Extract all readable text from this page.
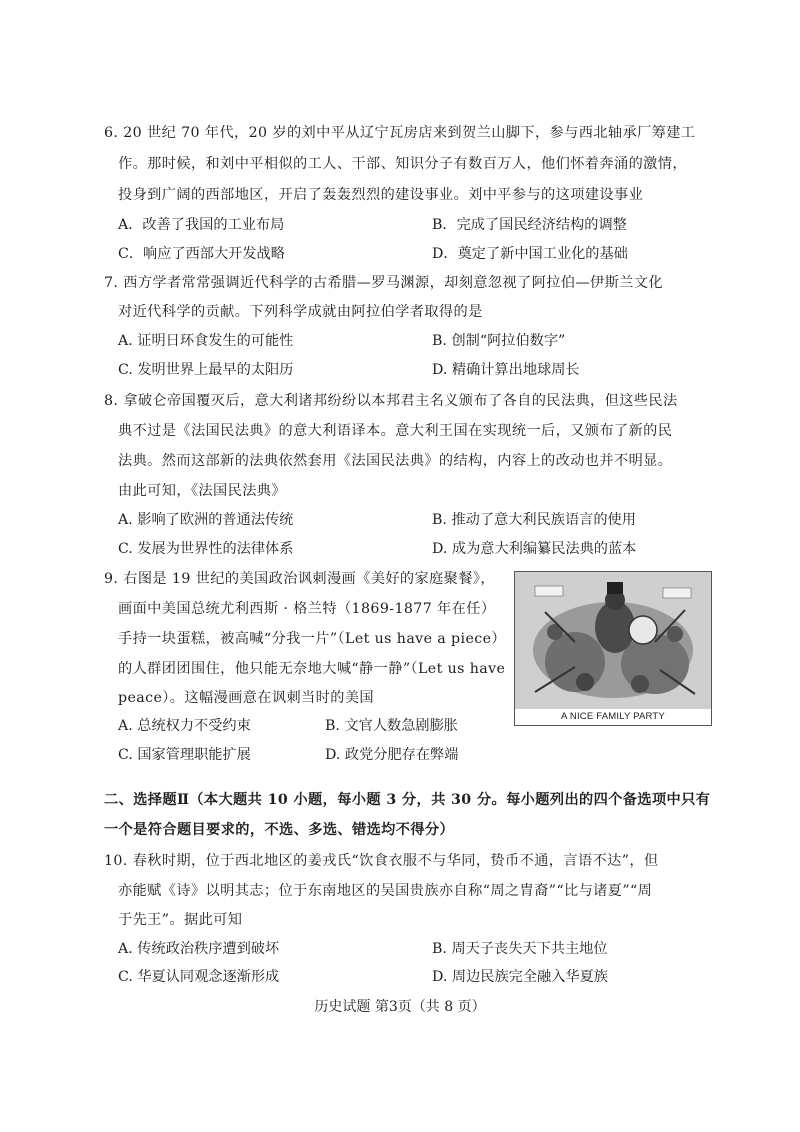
6. 20 世纪 70 年代，20 岁的刘中平从辽宁瓦房店来到贺兰山脚下，参与西北轴承厂筹建工
作。那时候，和刘中平相似的工人、干部、知识分子有数百万人，他们怀着奔涌的激情，
投身到广阔的西部地区，开启了轰轰烈烈的建设事业。刘中平参与的这项建设事业
A．改善了我国的工业布局	B．完成了国民经济结构的调整
C．响应了西部大开发战略	D．奠定了新中国工业化的基础
7. 西方学者常常强调近代科学的古希腊—罗马渊源，却刻意忽视了阿拉伯—伊斯兰文化
对近代科学的贡献。下列科学成就由阿拉伯学者取得的是
A. 证明日环食发生的可能性	B. 创制“阿拉伯数字”
C. 发明世界上最早的太阳历	D. 精确计算出地球周长
8. 拿破仑帝国覆灭后，意大利诸邦纷纷以本邦君主名义颁布了各自的民法典，但这些民法
典不过是《法国民法典》的意大利语译本。意大利王国在实现统一后，又颁布了新的民
法典。然而这部新的法典依然套用《法国民法典》的结构，内容上的改动也并不明显。
由此可知，《法国民法典》
A. 影响了欧洲的普通法传统	B. 推动了意大利民族语言的使用
C. 发展为世界性的法律体系	D. 成为意大利编纂民法典的蓝本
9. 右图是 19 世纪的美国政治讽刺漫画《美好的家庭聚餐》，
画面中美国总统尤利西斯 · 格兰特（1869-1877 年在任）
手持一块蛋糕，被高喊“分我一片”（Let us have a piece）
的人群团团围住，他只能无奈地大喊“静一静”（Let us have
peace）。这幅漫画意在讽刺当时的美国
A. 总统权力不受约束	B. 文官人数急剧膨胀
C. 国家管理职能扩展	D. 政党分肥存在弊端
A NICE FAMILY PARTY
二、选择题Ⅱ（本大题共 10 小题，每小题 3 分，共 30 分。每小题列出的四个备选项中只有
一个是符合题目要求的，不选、多选、错选均不得分）
10. 春秋时期，位于西北地区的姜戎氏“饮食衣服不与华同，贽币不通，言语不达”，但
亦能赋《诗》以明其志；位于东南地区的吴国贵族亦自称“周之胄裔”“比与诸夏”“周
于先王”。据此可知
A. 传统政治秩序遭到破坏	B. 周天子丧失天下共主地位
C. 华夏认同观念逐渐形成	D. 周边民族完全融入华夏族
历史试题 第3页（共 8 页）
